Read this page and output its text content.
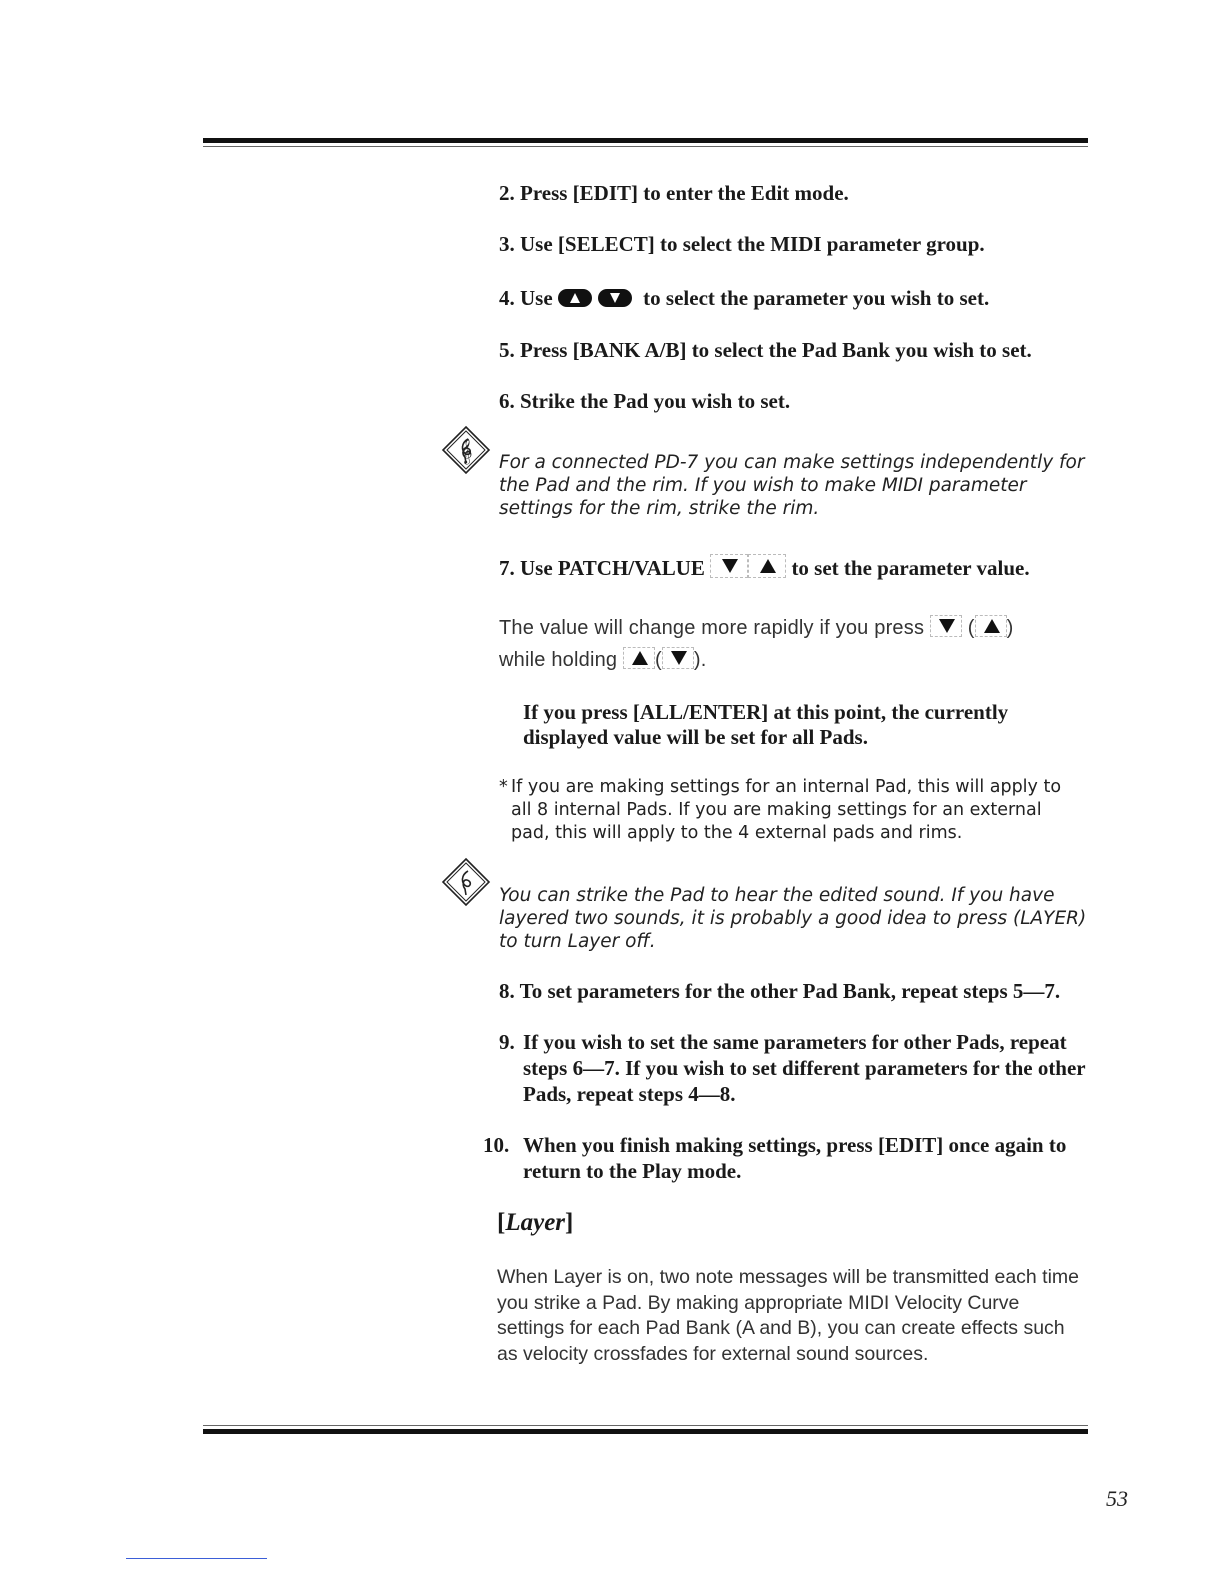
2. Press [EDIT] to enter the Edit mode.
3. Use [SELECT] to select the MIDI parameter group.
4. Use	to select the parameter you wish to set.
5. Press [BANK A/B] to select the Pad Bank you wish to set.
6. Strike the Pad you wish to set.
𝄞 For a connected PD-7 you can make settings independently for the Pad and the rim. If you wish to make MIDI parameter settings for the rim, strike the rim.
7. Use PATCH/VALUE	to set the parameter value.
The value will change more rapidly if you press ( )
while holding ( ).
If you press [ALL/ENTER] at this point, the currently displayed value will be set for all Pads.
* If you are making settings for an internal Pad, this will apply to all 8 internal Pads. If you are making settings for an external pad, this will apply to the 4 external pads and rims.
You can strike the Pad to hear the edited sound. If you have layered two sounds, it is probably a good idea to press (LAYER) to turn Layer off.
8. To set parameters for the other Pad Bank, repeat steps 5—7.
9. If you wish to set the same parameters for other Pads, repeat steps 6—7. If you wish to set different parameters for the other Pads, repeat steps 4—8.
10. When you finish making settings, press [EDIT] once again to return to the Play mode.
[Layer]
When Layer is on, two note messages will be transmitted each time you strike a Pad. By making appropriate MIDI Velocity Curve settings for each Pad Bank (A and B), you can create effects such as velocity crossfades for external sound sources.
53
